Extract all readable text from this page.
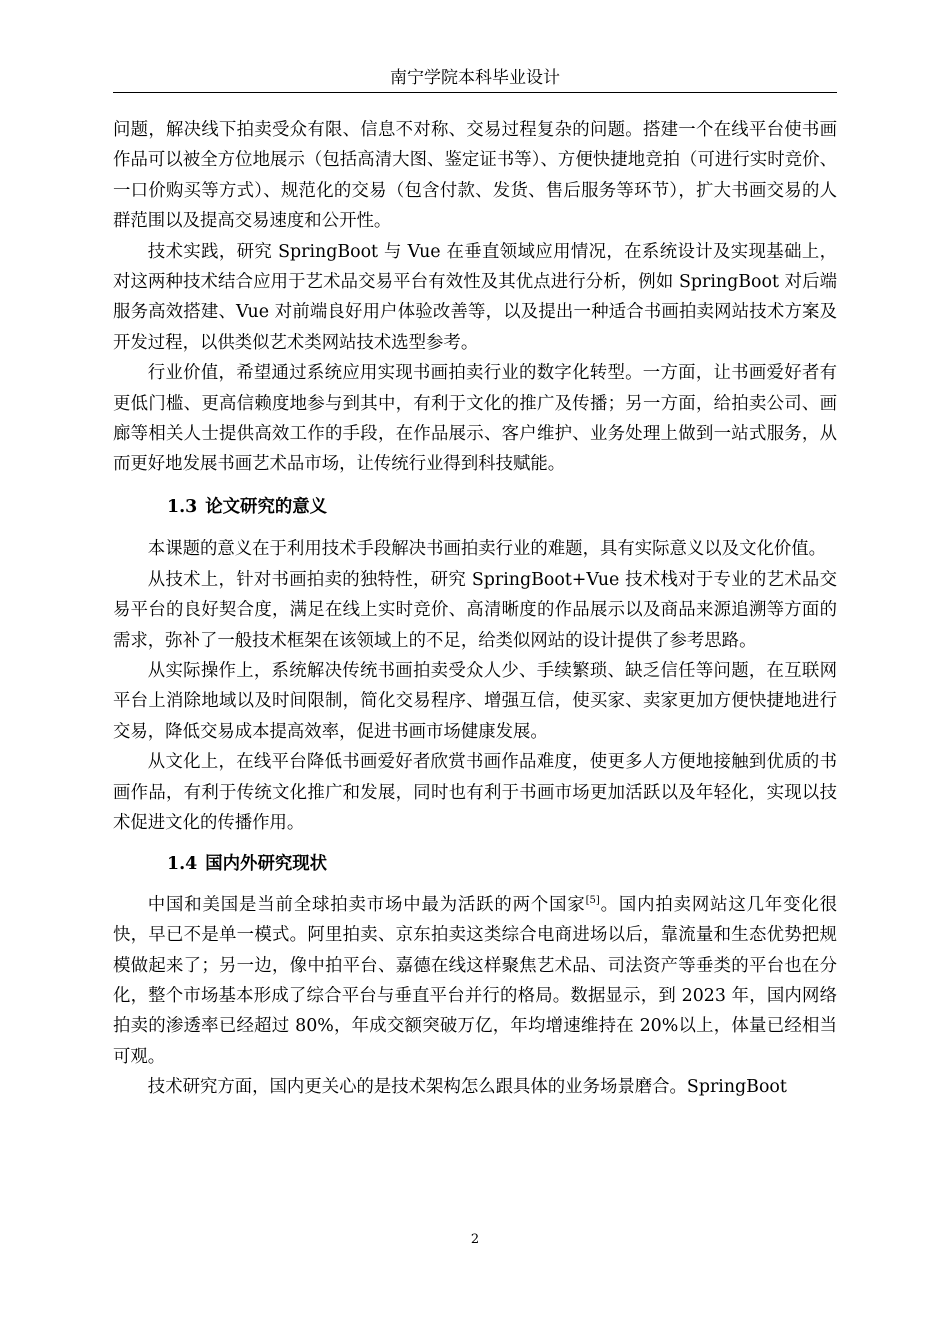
南宁学院本科毕业设计

问题，解决线下拍卖受众有限、信息不对称、交易过程复杂的问题。搭建一个在线平台使书画作品可以被全方位地展示（包括高清大图、鉴定证书等）、方便快捷地竞拍（可进行实时竞价、一口价购买等方式）、规范化的交易（包含付款、发货、售后服务等环节），扩大书画交易的人群范围以及提高交易速度和公开性。

技术实践，研究 SpringBoot 与 Vue 在垂直领域应用情况，在系统设计及实现基础上，对这两种技术结合应用于艺术品交易平台有效性及其优点进行分析，例如 SpringBoot 对后端服务高效搭建、Vue 对前端良好用户体验改善等，以及提出一种适合书画拍卖网站技术方案及开发过程，以供类似艺术类网站技术选型参考。

行业价值，希望通过系统应用实现书画拍卖行业的数字化转型。一方面，让书画爱好者有更低门槛、更高信赖度地参与到其中，有利于文化的推广及传播；另一方面，给拍卖公司、画廊等相关人士提供高效工作的手段，在作品展示、客户维护、业务处理上做到一站式服务，从而更好地发展书画艺术品市场，让传统行业得到科技赋能。

1.3 论文研究的意义

本课题的意义在于利用技术手段解决书画拍卖行业的难题，具有实际意义以及文化价值。

从技术上，针对书画拍卖的独特性，研究 SpringBoot+Vue 技术栈对于专业的艺术品交易平台的良好契合度，满足在线上实时竞价、高清晰度的作品展示以及商品来源追溯等方面的需求，弥补了一般技术框架在该领域上的不足，给类似网站的设计提供了参考思路。

从实际操作上，系统解决传统书画拍卖受众人少、手续繁琐、缺乏信任等问题，在互联网平台上消除地域以及时间限制，简化交易程序、增强互信，使买家、卖家更加方便快捷地进行交易，降低交易成本提高效率，促进书画市场健康发展。

从文化上，在线平台降低书画爱好者欣赏书画作品难度，使更多人方便地接触到优质的书画作品，有利于传统文化推广和发展，同时也有利于书画市场更加活跃以及年轻化，实现以技术促进文化的传播作用。

1.4 国内外研究现状

中国和美国是当前全球拍卖市场中最为活跃的两个国家[5]。国内拍卖网站这几年变化很快，早已不是单一模式。阿里拍卖、京东拍卖这类综合电商进场以后，靠流量和生态优势把规模做起来了；另一边，像中拍平台、嘉德在线这样聚焦艺术品、司法资产等垂类的平台也在分化，整个市场基本形成了综合平台与垂直平台并行的格局。数据显示，到 2023 年，国内网络拍卖的渗透率已经超过 80%，年成交额突破万亿，年均增速维持在 20%以上，体量已经相当可观。

技术研究方面，国内更关心的是技术架构怎么跟具体的业务场景磨合。SpringBoot

2
